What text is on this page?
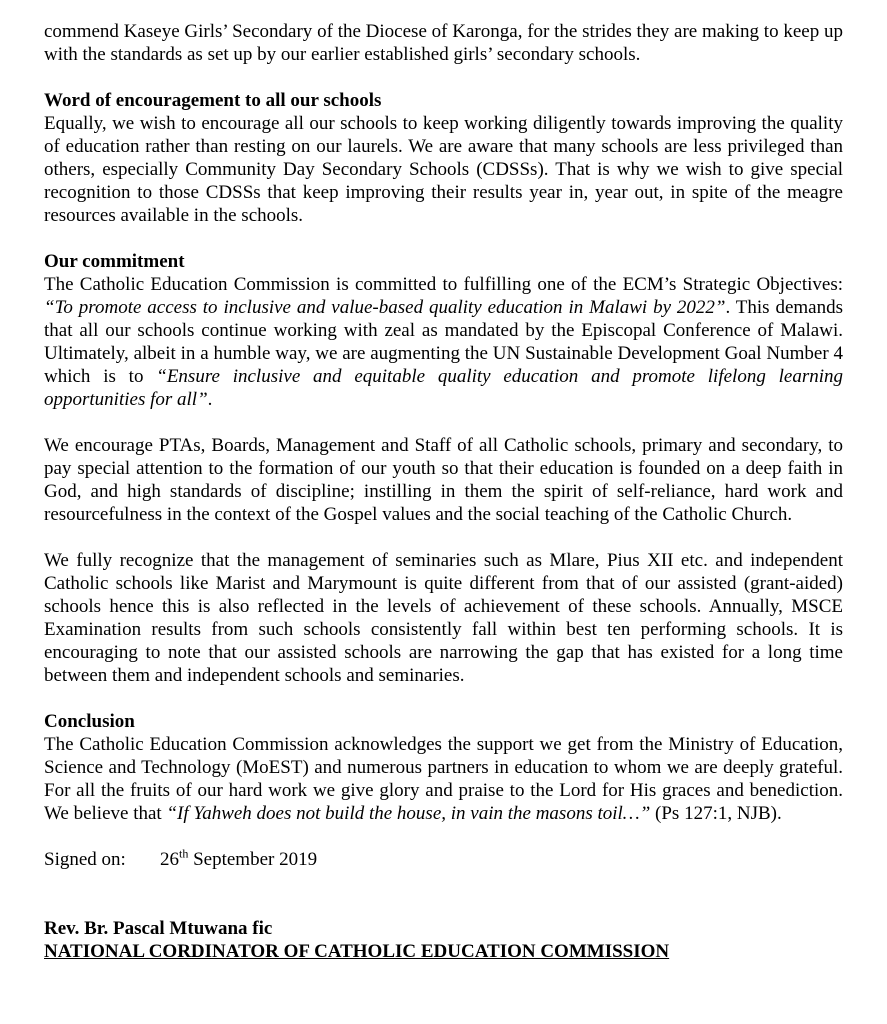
commend Kaseye Girls’ Secondary of the Diocese of Karonga, for the strides they are making to keep up with the standards as set up by our earlier established girls’ secondary schools.

Word of encouragement to all our schools

Equally, we wish to encourage all our schools to keep working diligently towards improving the quality of education rather than resting on our laurels. We are aware that many schools are less privileged than others, especially Community Day Secondary Schools (CDSSs). That is why we wish to give special recognition to those CDSSs that keep improving their results year in, year out, in spite of the meagre resources available in the schools.

Our commitment

The Catholic Education Commission is committed to fulfilling one of the ECM’s Strategic Objectives: “To promote access to inclusive and value-based quality education in Malawi by 2022”. This demands that all our schools continue working with zeal as mandated by the Episcopal Conference of Malawi. Ultimately, albeit in a humble way, we are augmenting the UN Sustainable Development Goal Number 4 which is to “Ensure inclusive and equitable quality education and promote lifelong learning opportunities for all”.

We encourage PTAs, Boards, Management and Staff of all Catholic schools, primary and secondary, to pay special attention to the formation of our youth so that their education is founded on a deep faith in God, and high standards of discipline; instilling in them the spirit of self-reliance, hard work and resourcefulness in the context of the Gospel values and the social teaching of the Catholic Church.

We fully recognize that the management of seminaries such as Mlare, Pius XII etc. and independent Catholic schools like Marist and Marymount is quite different from that of our assisted (grant-aided) schools hence this is also reflected in the levels of achievement of these schools. Annually, MSCE Examination results from such schools consistently fall within best ten performing schools. It is encouraging to note that our assisted schools are narrowing the gap that has existed for a long time between them and independent schools and seminaries.

Conclusion

The Catholic Education Commission acknowledges the support we get from the Ministry of Education, Science and Technology (MoEST) and numerous partners in education to whom we are deeply grateful. For all the fruits of our hard work we give glory and praise to the Lord for His graces and benediction. We believe that “If Yahweh does not build the house, in vain the masons toil…” (Ps 127:1, NJB).

Signed on: 26th September 2019

Rev. Br. Pascal Mtuwana fic

NATIONAL CORDINATOR OF CATHOLIC EDUCATION COMMISSION
